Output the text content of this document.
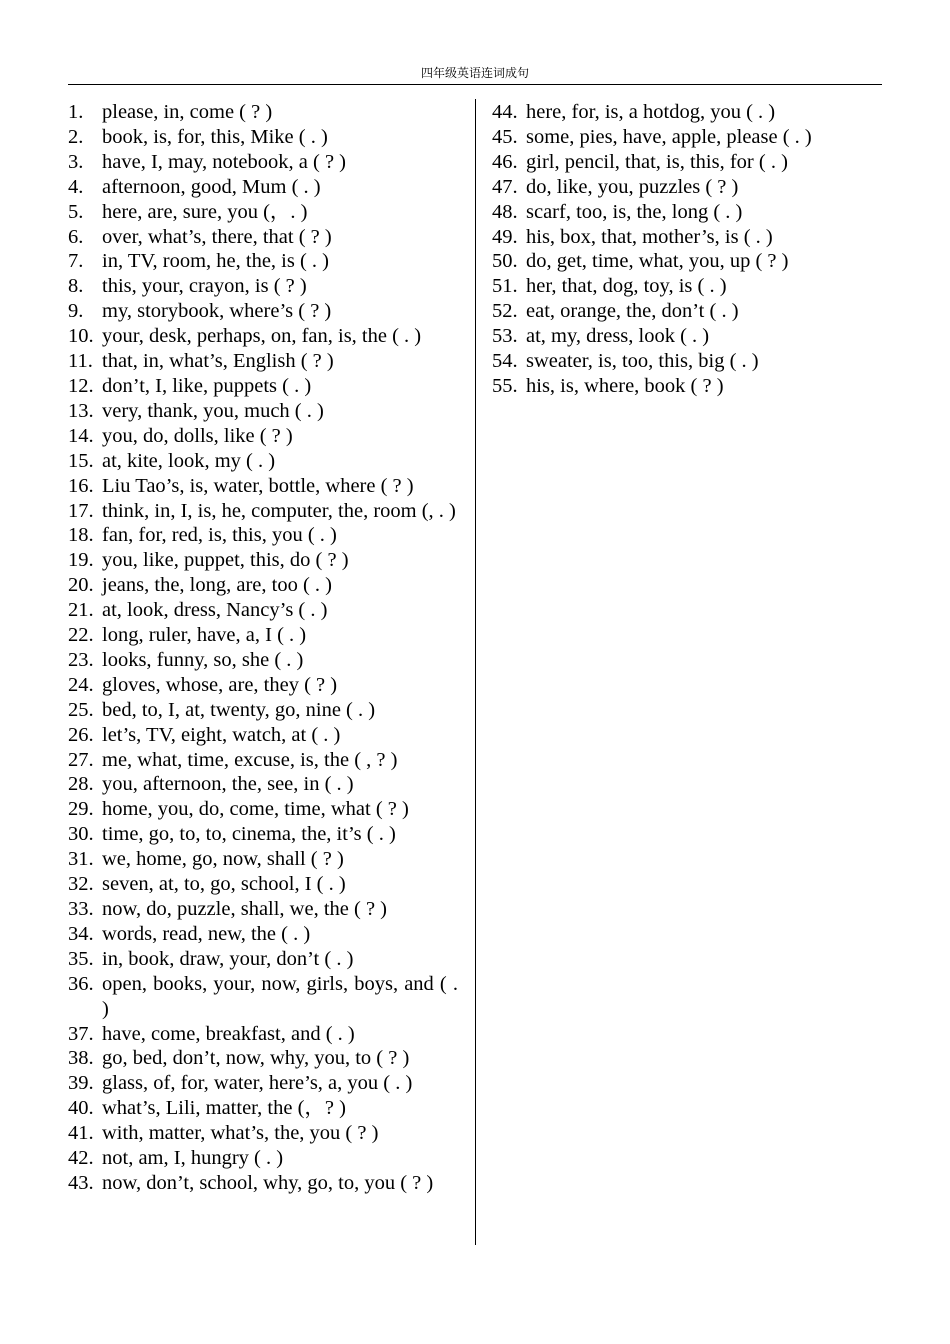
四年级英语连词成句
1. please, in, come ( ? )
2. book, is, for, this, Mike ( . )
3. have, I, may, notebook, a ( ? )
4. afternoon, good, Mum ( . )
5. here, are, sure, you (，. )
6. over, what’s, there, that ( ? )
7. in, TV, room, he, the, is ( . )
8. this, your, crayon, is ( ? )
9. my, storybook, where’s ( ? )
10. your, desk, perhaps, on, fan, is, the ( . )
11. that, in, what’s, English ( ? )
12. don’t, I, like, puppets ( . )
13. very, thank, you, much ( . )
14. you, do, dolls, like ( ? )
15. at, kite, look, my ( . )
16. Liu Tao’s, is, water, bottle, where ( ? )
17. think, in, I, is, he, computer, the, room (, . )
18. fan, for, red, is, this, you ( . )
19. you, like, puppet, this, do ( ? )
20. jeans, the, long, are, too ( . )
21. at, look, dress, Nancy’s ( . )
22. long, ruler, have, a, I ( . )
23. looks, funny, so, she ( . )
24. gloves, whose, are, they ( ? )
25. bed, to, I, at, twenty, go, nine ( . )
26. let’s, TV, eight, watch, at ( . )
27. me, what, time, excuse, is, the ( , ? )
28. you, afternoon, the, see, in ( . )
29. home, you, do, come, time, what ( ? )
30. time, go, to, to, cinema, the, it’s ( . )
31. we, home, go, now, shall ( ? )
32. seven, at, to, go, school, I ( . )
33. now, do, puzzle, shall, we, the ( ? )
34. words, read, new, the ( . )
35. in, book, draw, your, don’t ( . )
36. open, books, your, now, girls, boys, and ( . )
37. have, come, breakfast, and ( . )
38. go, bed, don’t, now, why, you, to ( ? )
39. glass, of, for, water, here’s, a, you ( . )
40. what’s, Lili, matter, the (，? )
41. with, matter, what’s, the, you ( ? )
42. not, am, I, hungry ( . )
43. now, don’t, school, why, go, to, you ( ? )
44. here, for, is, a hotdog, you ( . )
45. some, pies, have, apple, please ( . )
46. girl, pencil, that, is, this, for ( . )
47. do, like, you, puzzles ( ? )
48. scarf, too, is, the, long ( . )
49. his, box, that, mother’s, is ( . )
50. do, get, time, what, you, up ( ? )
51. her, that, dog, toy, is ( . )
52. eat, orange, the, don’t ( . )
53. at, my, dress, look ( . )
54. sweater, is, too, this, big ( . )
55. his, is, where, book ( ? )
